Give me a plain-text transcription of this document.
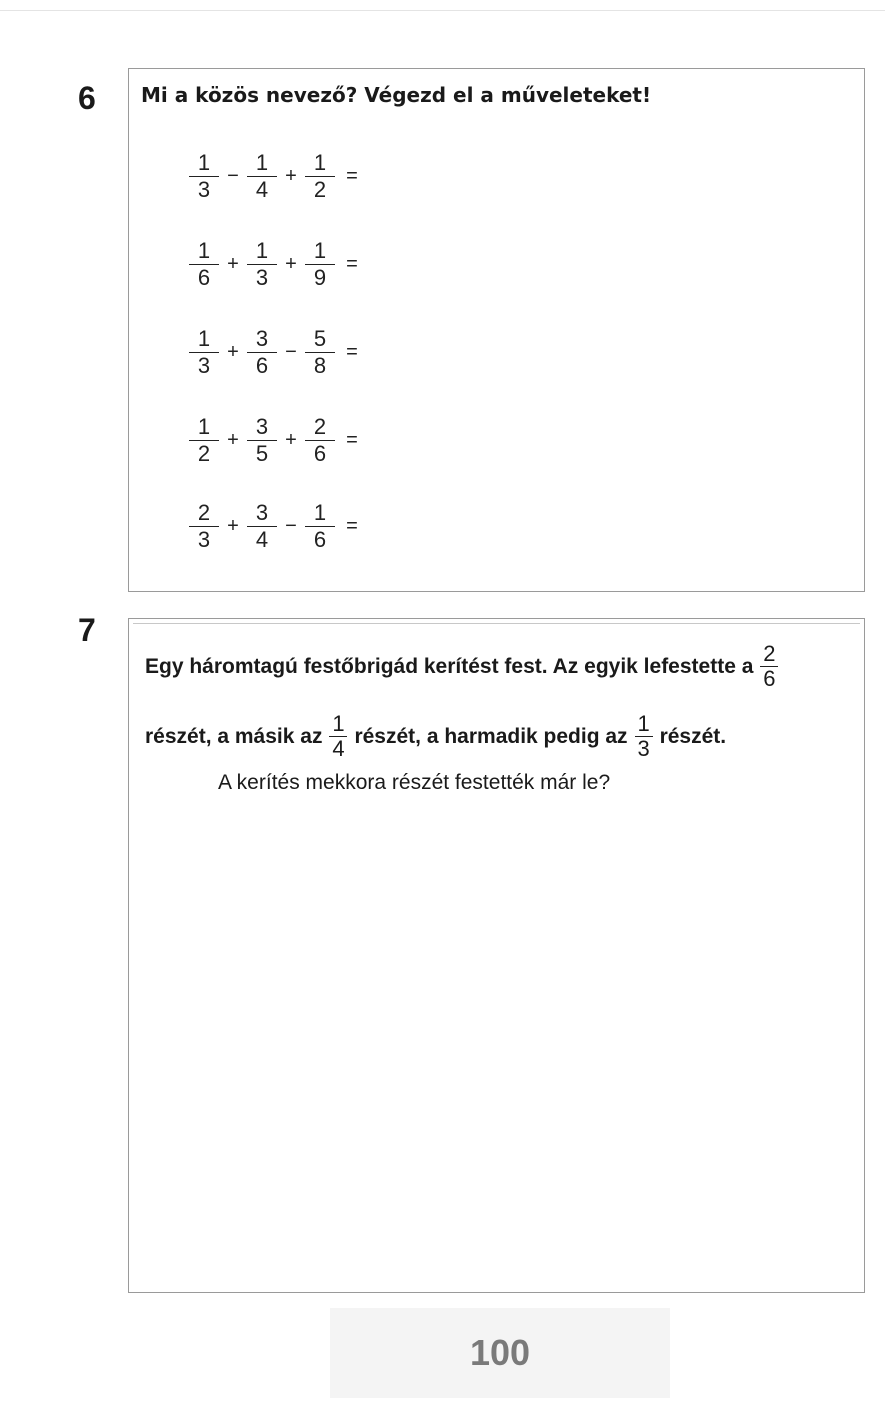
6 Mi a közös nevező? Végezd el a műveleteket!
$\frac{1}{3} - \frac{1}{4} + \frac{1}{2}$ =
$\frac{1}{6} + \frac{1}{3} + \frac{1}{9}$ =
$\frac{1}{3} + \frac{3}{6} - \frac{5}{8}$ =
$\frac{1}{2} + \frac{3}{5} + \frac{2}{6}$ =
$\frac{2}{3} + \frac{3}{4} - \frac{1}{6}$ =
7
Egy háromtagú festőbrigád kerítést fest. Az egyik lefestette a $\frac{2}{6}$
részét, a másik az $\frac{1}{4}$ részét, a harmadik pedig az $\frac{1}{3}$ részét.
A kerítés mekkora részét festették már le?
100
